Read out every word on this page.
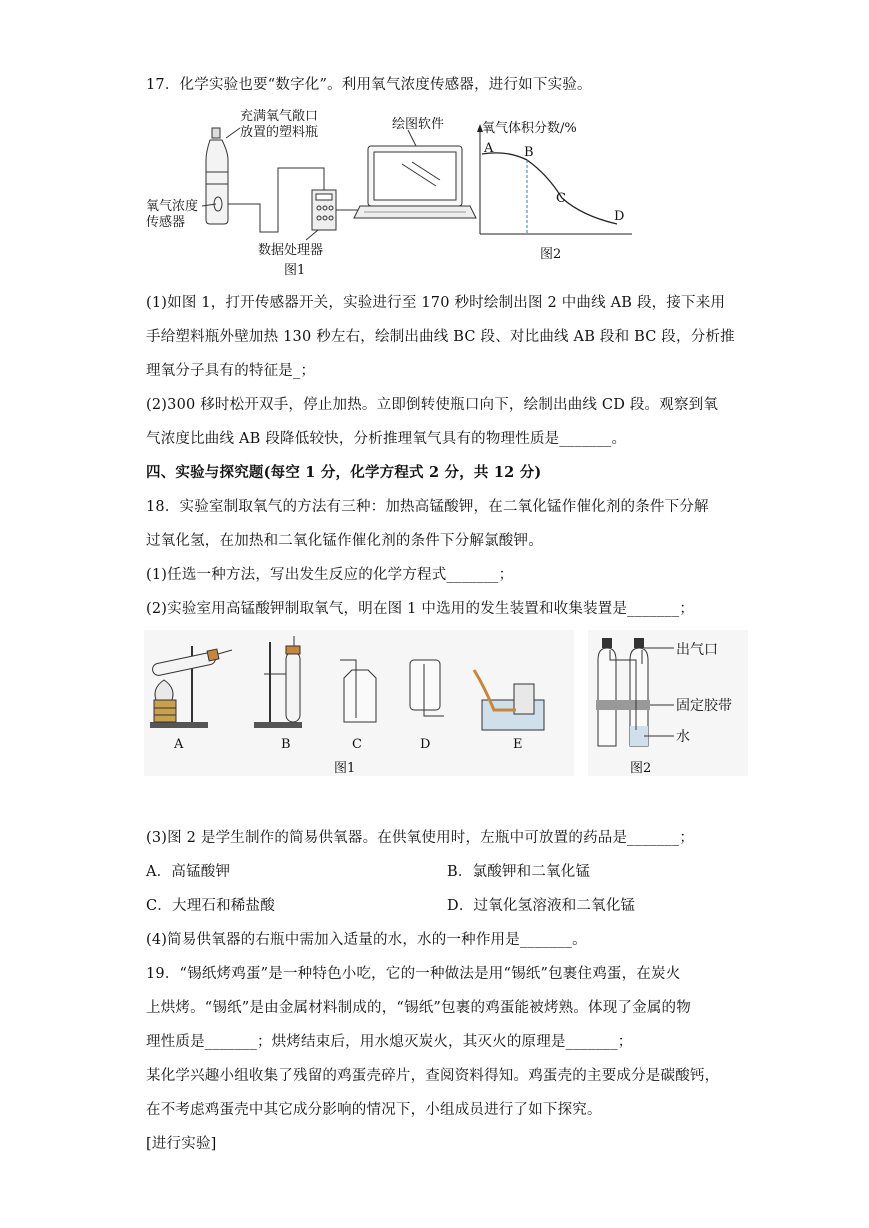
17．化学实验也要“数字化”。利用氧气浓度传感器，进行如下实验。
充满氧气敞口
放置的塑料瓶
氧气浓度
传感器
数据处理器
图1
绘图软件	氧气体积分数/%
A B
C
D
图2
(1)如图 1，打开传感器开关，实验进行至 170 秒时绘制出图 2 中曲线 AB 段，接下来用
手给塑料瓶外壁加热 130 秒左右，绘制出曲线 BC 段、对比曲线 AB 段和 BC 段，分析推
理氧分子具有的特征是_；
(2)300 移时松开双手，停止加热。立即倒转使瓶口向下，绘制出曲线 CD 段。观察到氧
气浓度比曲线 AB 段降低较快，分析推理氧气具有的物理性质是_______。
四、实验与探究题(每空 1 分，化学方程式 2 分，共 12 分)
18．实验室制取氧气的方法有三种：加热高锰酸钾，在二氧化锰作催化剂的条件下分解
过氧化氢，在加热和二氧化锰作催化剂的条件下分解氯酸钾。
(1)任选一种方法，写出发生反应的化学方程式_______；
(2)实验室用高锰酸钾制取氧气，明在图 1 中选用的发生装置和收集装置是_______；
A	B	C	D	E
图1
出气口
固定胶带
水
图2
(3)图 2 是学生制作的简易供氧器。在供氧使用时，左瓶中可放置的药品是_______；
A．高锰酸钾	B．氯酸钾和二氧化锰
C．大理石和稀盐酸	D．过氧化氢溶液和二氧化锰
(4)简易供氧器的右瓶中需加入适量的水，水的一种作用是_______。
19．“锡纸烤鸡蛋”是一种特色小吃，它的一种做法是用“锡纸”包裹住鸡蛋，在炭火
上烘烤。“锡纸”是由金属材料制成的，“锡纸”包裹的鸡蛋能被烤熟。体现了金属的物
理性质是_______；烘烤结束后，用水熄灭炭火，其灭火的原理是_______；
某化学兴趣小组收集了残留的鸡蛋壳碎片，查阅资料得知。鸡蛋壳的主要成分是碳酸钙，
在不考虑鸡蛋壳中其它成分影响的情况下，小组成员进行了如下探究。
[进行实验]
